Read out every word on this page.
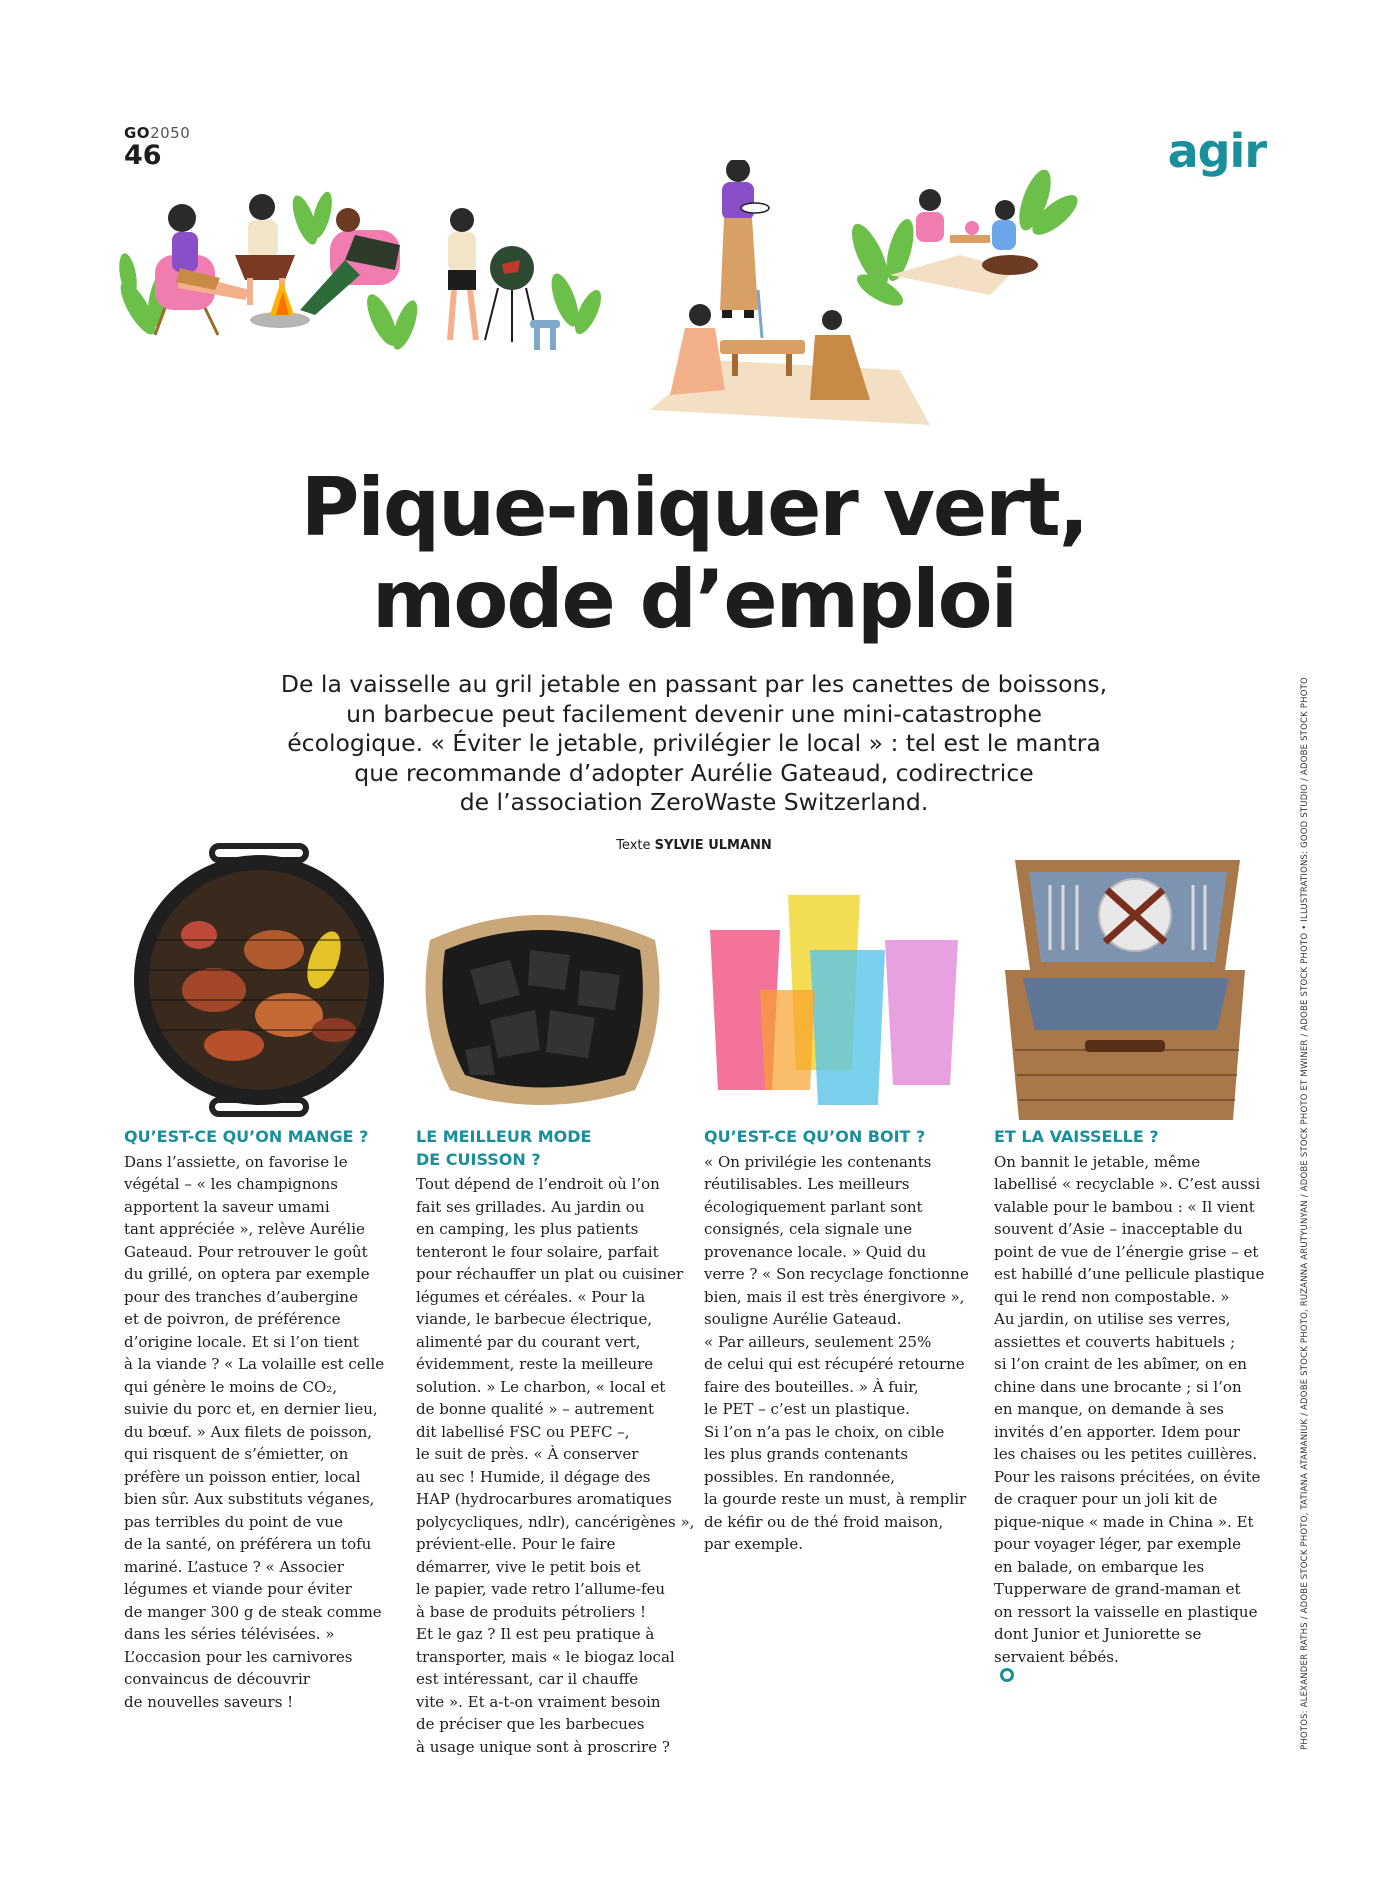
GO2050
46	agir
Pique-niquer vert,
mode d’emploi

De la vaisselle au gril jetable en passant par les canettes de boissons,
un barbecue peut facilement devenir une mini-catastrophe
écologique. « Éviter le jetable, privilégier le local » : tel est le mantra
que recommande d’adopter Aurélie Gateaud, codirectrice
de l’association ZeroWaste Switzerland.

Texte SYLVIE ULMANN
QU’EST-CE QU’ON MANGE ?

Dans l’assiette, on favorise le
végétal – « les champignons
apportent la saveur umami
tant appréciée », relève Aurélie
Gateaud. Pour retrouver le goût
du grillé, on optera par exemple
pour des tranches d’aubergine
et de poivron, de préférence
d’origine locale. Et si l’on tient
à la viande ? « La volaille est celle
qui génère le moins de CO₂,
suivie du porc et, en dernier lieu,
du bœuf. » Aux filets de poisson,
qui risquent de s’émietter, on
préfère un poisson entier, local
bien sûr. Aux substituts véganes,
pas terribles du point de vue
de la santé, on préférera un tofu
mariné. L’astuce ? « Associer
légumes et viande pour éviter
de manger 300 g de steak comme
dans les séries télévisées. »
L’occasion pour les carnivores
convaincus de découvrir
de nouvelles saveurs !

LE MEILLEUR MODE
DE CUISSON ?

Tout dépend de l’endroit où l’on
fait ses grillades. Au jardin ou
en camping, les plus patients
tenteront le four solaire, parfait
pour réchauffer un plat ou cuisiner
légumes et céréales. « Pour la
viande, le barbecue électrique,
alimenté par du courant vert,
évidemment, reste la meilleure
solution. » Le charbon, « local et
de bonne qualité » – autrement
dit labellisé FSC ou PEFC –,
le suit de près. « À conserver
au sec ! Humide, il dégage des
HAP (hydrocarbures aromatiques
polycycliques, ndlr), cancérigènes »,
prévient-elle. Pour le faire
démarrer, vive le petit bois et
le papier, vade retro l’allume-feu
à base de produits pétroliers !
Et le gaz ? Il est peu pratique à
transporter, mais « le biogaz local
est intéressant, car il chauffe
vite ». Et a-t-on vraiment besoin
de préciser que les barbecues
à usage unique sont à proscrire ?

QU’EST-CE QU’ON BOIT ?

« On privilégie les contenants
réutilisables. Les meilleurs
écologiquement parlant sont
consignés, cela signale une
provenance locale. » Quid du
verre ? « Son recyclage fonctionne
bien, mais il est très énergivore »,
souligne Aurélie Gateaud.
« Par ailleurs, seulement 25%
de celui qui est récupéré retourne
faire des bouteilles. » À fuir,
le PET – c’est un plastique.
Si l’on n’a pas le choix, on cible
les plus grands contenants
possibles. En randonnée,
la gourde reste un must, à remplir
de kéfir ou de thé froid maison,
par exemple.

ET LA VAISSELLE ?

On bannit le jetable, même
labellisé « recyclable ». C’est aussi
valable pour le bambou : « Il vient
souvent d’Asie – inacceptable du
point de vue de l’énergie grise – et
est habillé d’une pellicule plastique
qui le rend non compostable. »
Au jardin, on utilise ses verres,
assiettes et couverts habituels ;
si l’on craint de les abîmer, on en
chine dans une brocante ; si l’on
en manque, on demande à ses
invités d’en apporter. Idem pour
les chaises ou les petites cuillères.
Pour les raisons précitées, on évite
de craquer pour un joli kit de
pique-nique « made in China ». Et
pour voyager léger, par exemple
en balade, on embarque les
Tupperware de grand-maman et
on ressort la vaisselle en plastique
dont Junior et Juniorette se
servaient bébés.	PHOTOS: ALEXANDER RATHS / ADOBE STOCK PHOTO, TATIANA ATAMANIUK / ADOBE STOCK PHOTO, RUZANNA ARUTYUNYAN / ADOBE STOCK PHOTO ET MWINER / ADOBE STOCK PHOTO • ILLUSTRATIONS: GOOD STUDIO / ADOBE STOCK PHOTO
